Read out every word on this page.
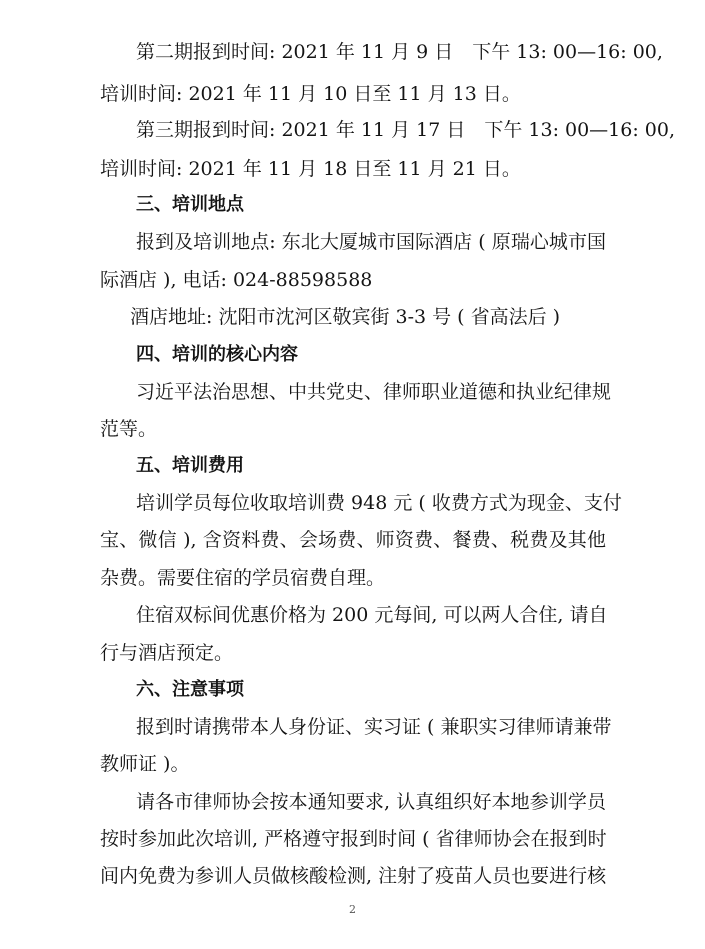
第二期报到时间: 2021 年 11 月 9 日　下午 13: 00—16: 00,
培训时间: 2021 年 11 月 10 日至 11 月 13 日。
第三期报到时间: 2021 年 11 月 17 日　下午 13: 00—16: 00,
培训时间: 2021 年 11 月 18 日至 11 月 21 日。
三、培训地点
报到及培训地点: 东北大厦城市国际酒店 ( 原瑞心城市国
际酒店 ), 电话: 024-88598588
酒店地址: 沈阳市沈河区敬宾街 3-3 号 ( 省高法后 )
四、培训的核心内容
习近平法治思想、中共党史、律师职业道德和执业纪律规
范等。
五、培训费用
培训学员每位收取培训费 948 元 ( 收费方式为现金、支付
宝、微信 ), 含资料费、会场费、师资费、餐费、税费及其他
杂费。需要住宿的学员宿费自理。
住宿双标间优惠价格为 200 元每间, 可以两人合住, 请自
行与酒店预定。
六、注意事项
报到时请携带本人身份证、实习证 ( 兼职实习律师请兼带
教师证 )。
请各市律师协会按本通知要求, 认真组织好本地参训学员
按时参加此次培训, 严格遵守报到时间 ( 省律师协会在报到时
间内免费为参训人员做核酸检测, 注射了疫苗人员也要进行核
2
